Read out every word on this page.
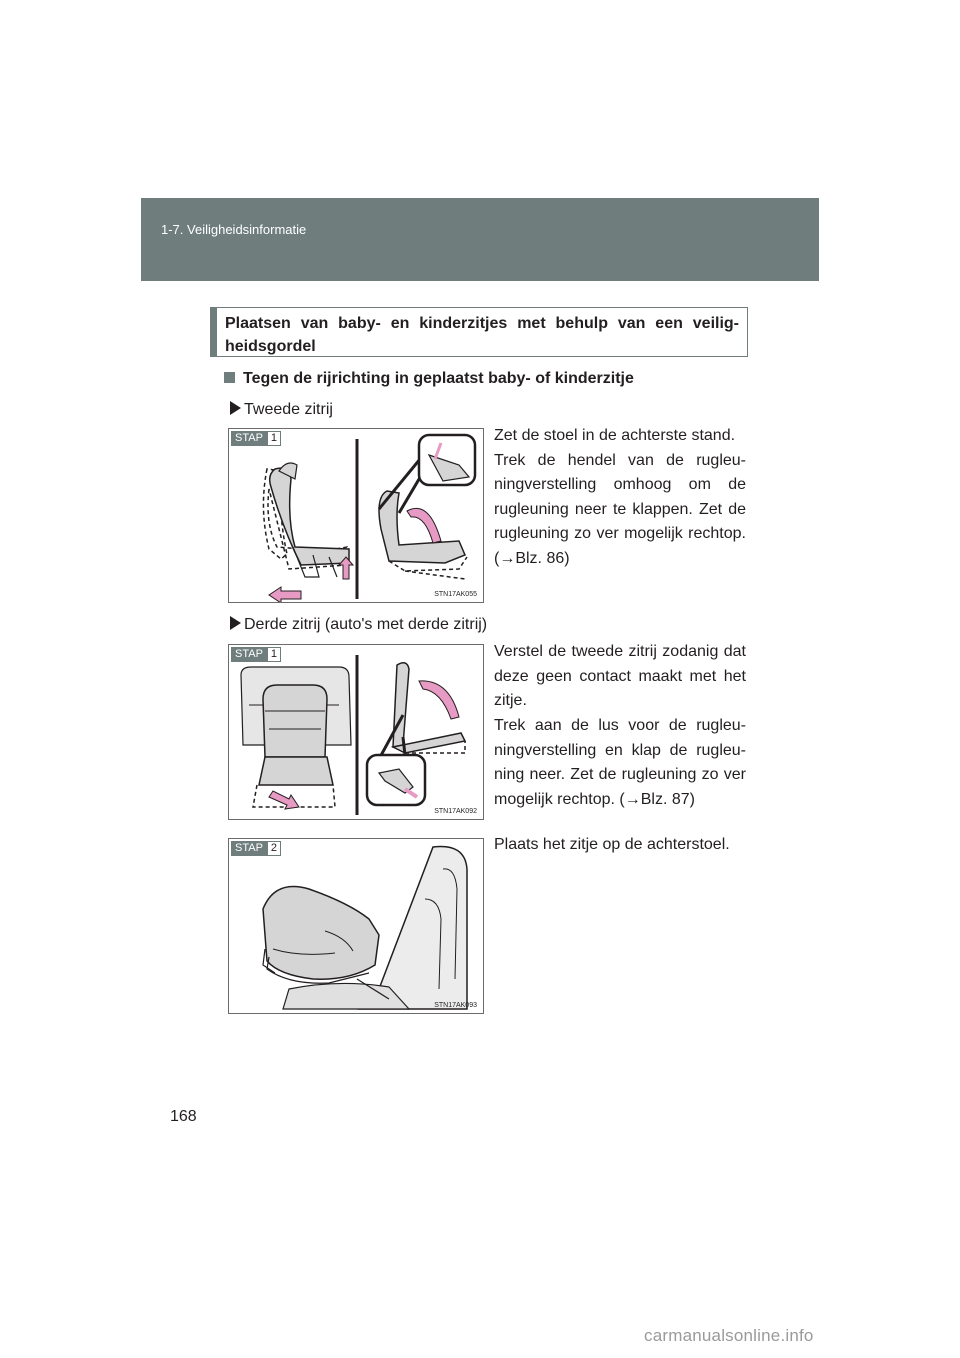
1-7. Veiligheidsinformatie
Plaatsen van baby- en kinderzitjes met behulp van een veilig-heidsgordel
Tegen de rijrichting in geplaatst baby- of kinderzitje
Tweede zitrij
STAP 1
STN17AK055
Zet de stoel in de achterste stand.
Trek de hendel van de rugleu-ningverstelling omhoog om de rugleuning neer te klappen. Zet de rugleuning zo ver mogelijk rechtop. (→Blz. 86)
Derde zitrij (auto's met derde zitrij)
STAP 1
STN17AK092
Verstel de tweede zitrij zodanig dat deze geen contact maakt met het zitje.
Trek aan de lus voor de rugleu-ningverstelling en klap de rugleu-ning neer. Zet de rugleuning zo ver mogelijk rechtop. (→Blz. 87)
STAP 2
STN17AK093
Plaats het zitje op de achterstoel.
168
carmanualsonline.info
